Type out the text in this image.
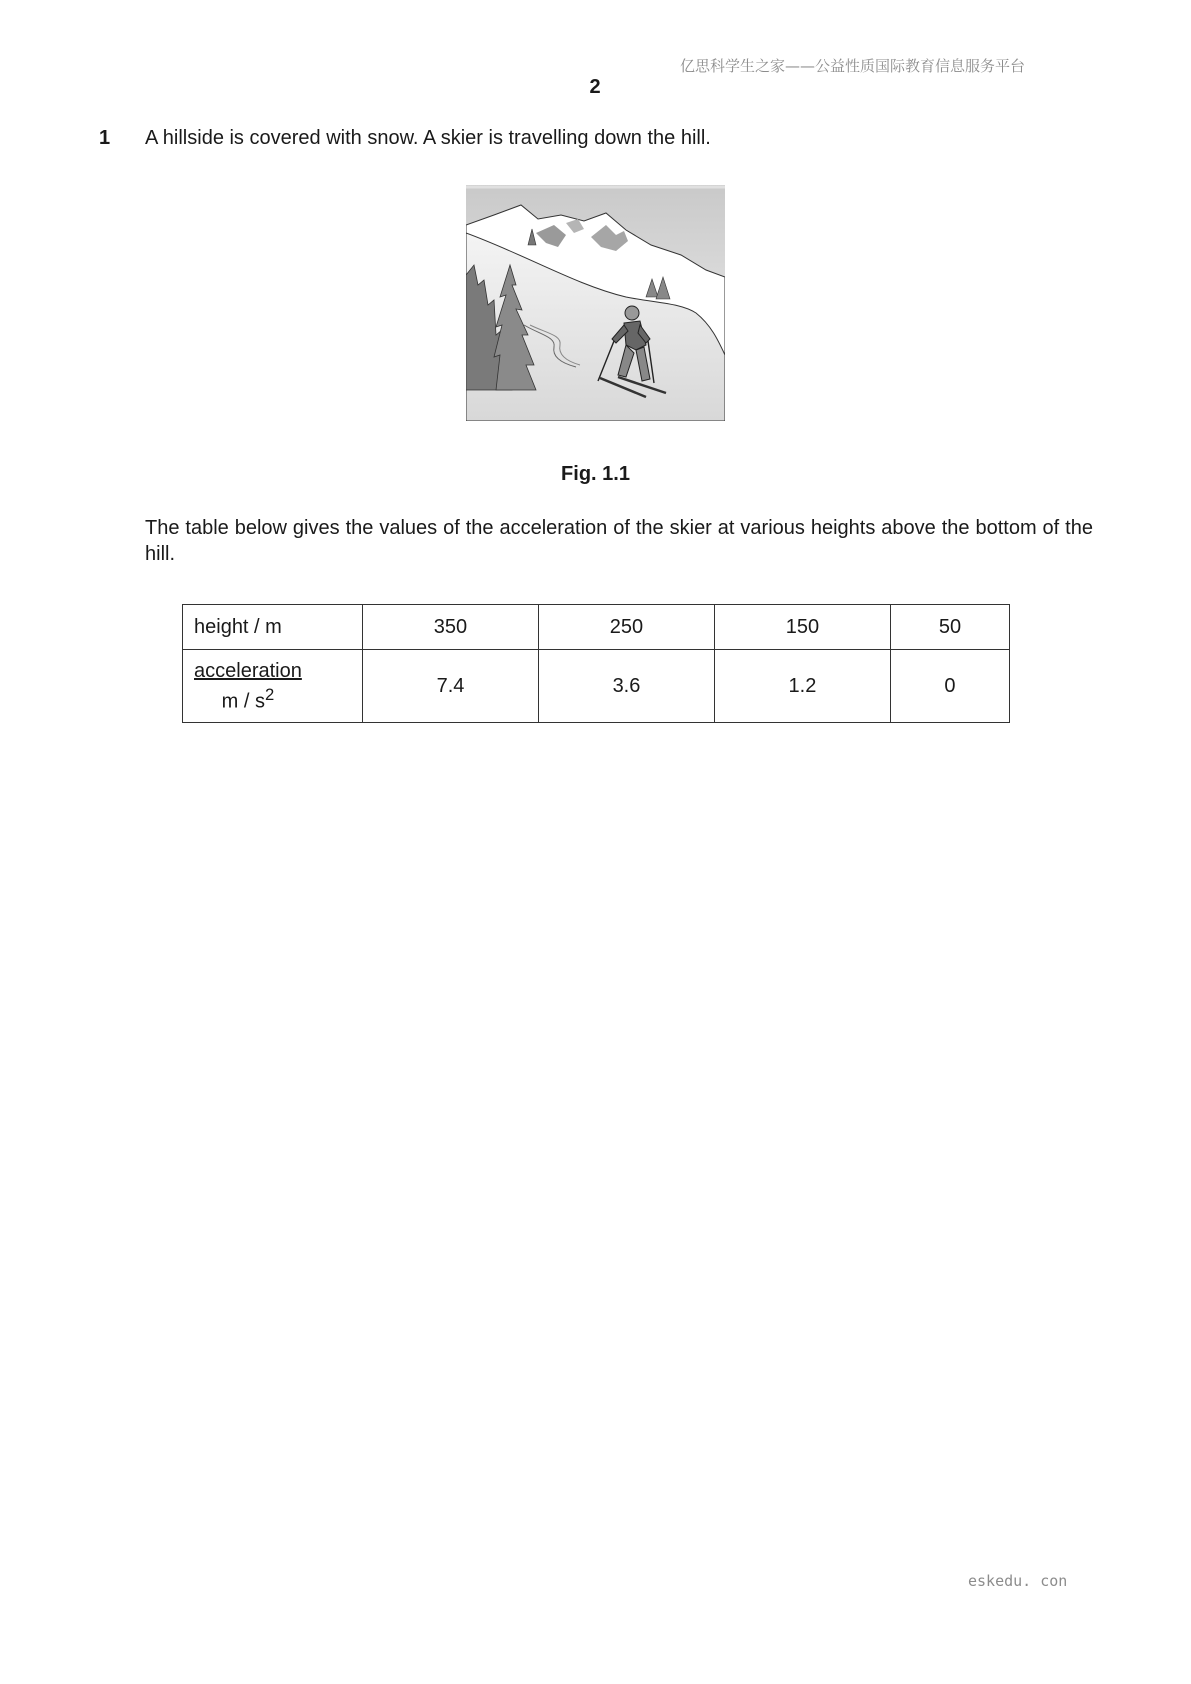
亿思科学生之家——公益性质国际教育信息服务平台
2
1 A hillside is covered with snow. A skier is travelling down the hill.
Fig. 1.1
The table below gives the values of the acceleration of the skier at various heights above the bottom of the hill.
height / m	350	250	150	50

$\frac{\text{acceleration}}{m / s^2}$	7.4	3.6	1.2	0
eskedu. con
